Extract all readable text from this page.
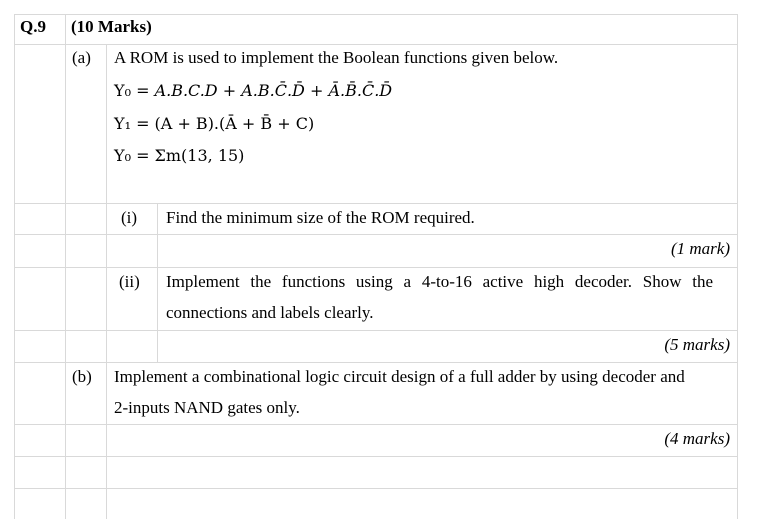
Q.9 (10 Marks)
(a) A ROM is used to implement the Boolean functions given below.
Y₀ = A.B.C.D + A.B.C̄.D̄ + Ā.B̄.C̄.D̄
Y₁ = (A + B).(Ā + B̄ + C)
Y₀ = Σm(13, 15)
(i) Find the minimum size of the ROM required.
(1 mark)
(ii) Implement the functions using a 4-to-16 active high decoder. Show the
connections and labels clearly.
(5 marks)
(b) Implement a combinational logic circuit design of a full adder by using decoder and
2-inputs NAND gates only.
(4 marks)
